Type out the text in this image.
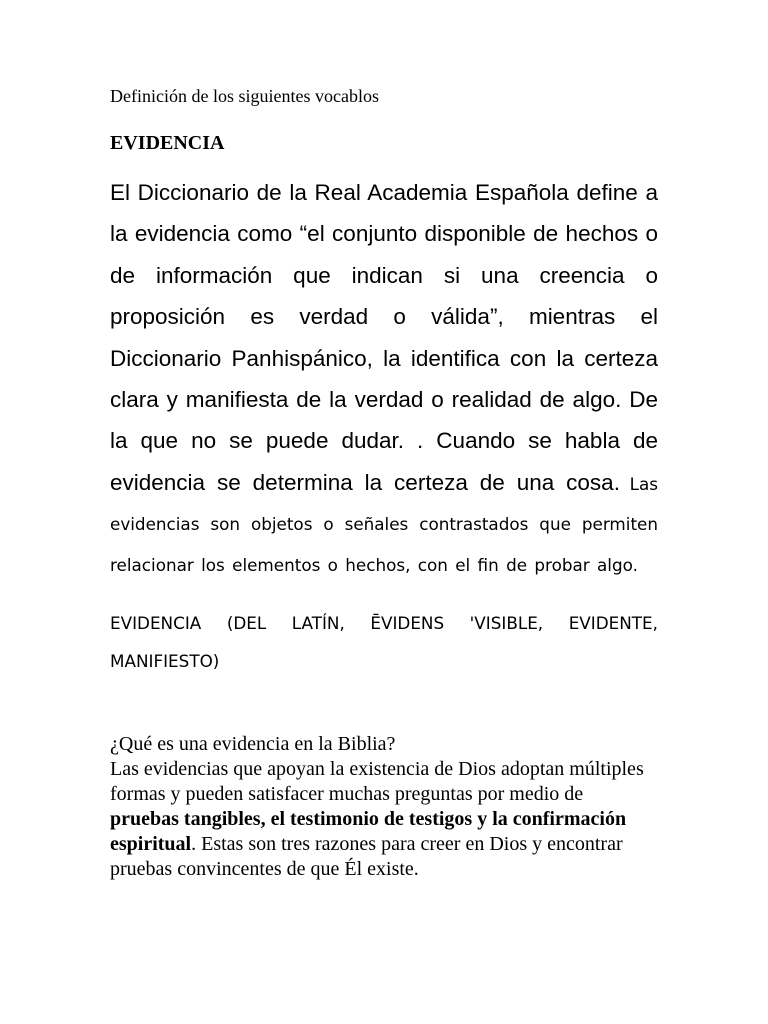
Definición de los siguientes vocablos

EVIDENCIA

El Diccionario de la Real Academia Española define a la evidencia como “el conjunto disponible de hechos o de información que indican si una creencia o proposición es verdad o válida”, mientras el Diccionario Panhispánico, la identifica con la certeza clara y manifiesta de la verdad o realidad de algo. De la que no se puede dudar. . Cuando se habla de evidencia se determina la certeza de una cosa. Las evidencias son objetos o señales contrastados que permiten relacionar los elementos o hechos, con el fin de probar algo.

EVIDENCIA (DEL LATÍN, ĒVIDENS 'VISIBLE, EVIDENTE, MANIFIESTO)

¿Qué es una evidencia en la Biblia?
Las evidencias que apoyan la existencia de Dios adoptan múltiples formas y pueden satisfacer muchas preguntas por medio de pruebas tangibles, el testimonio de testigos y la confirmación espiritual. Estas son tres razones para creer en Dios y encontrar pruebas convincentes de que Él existe.
